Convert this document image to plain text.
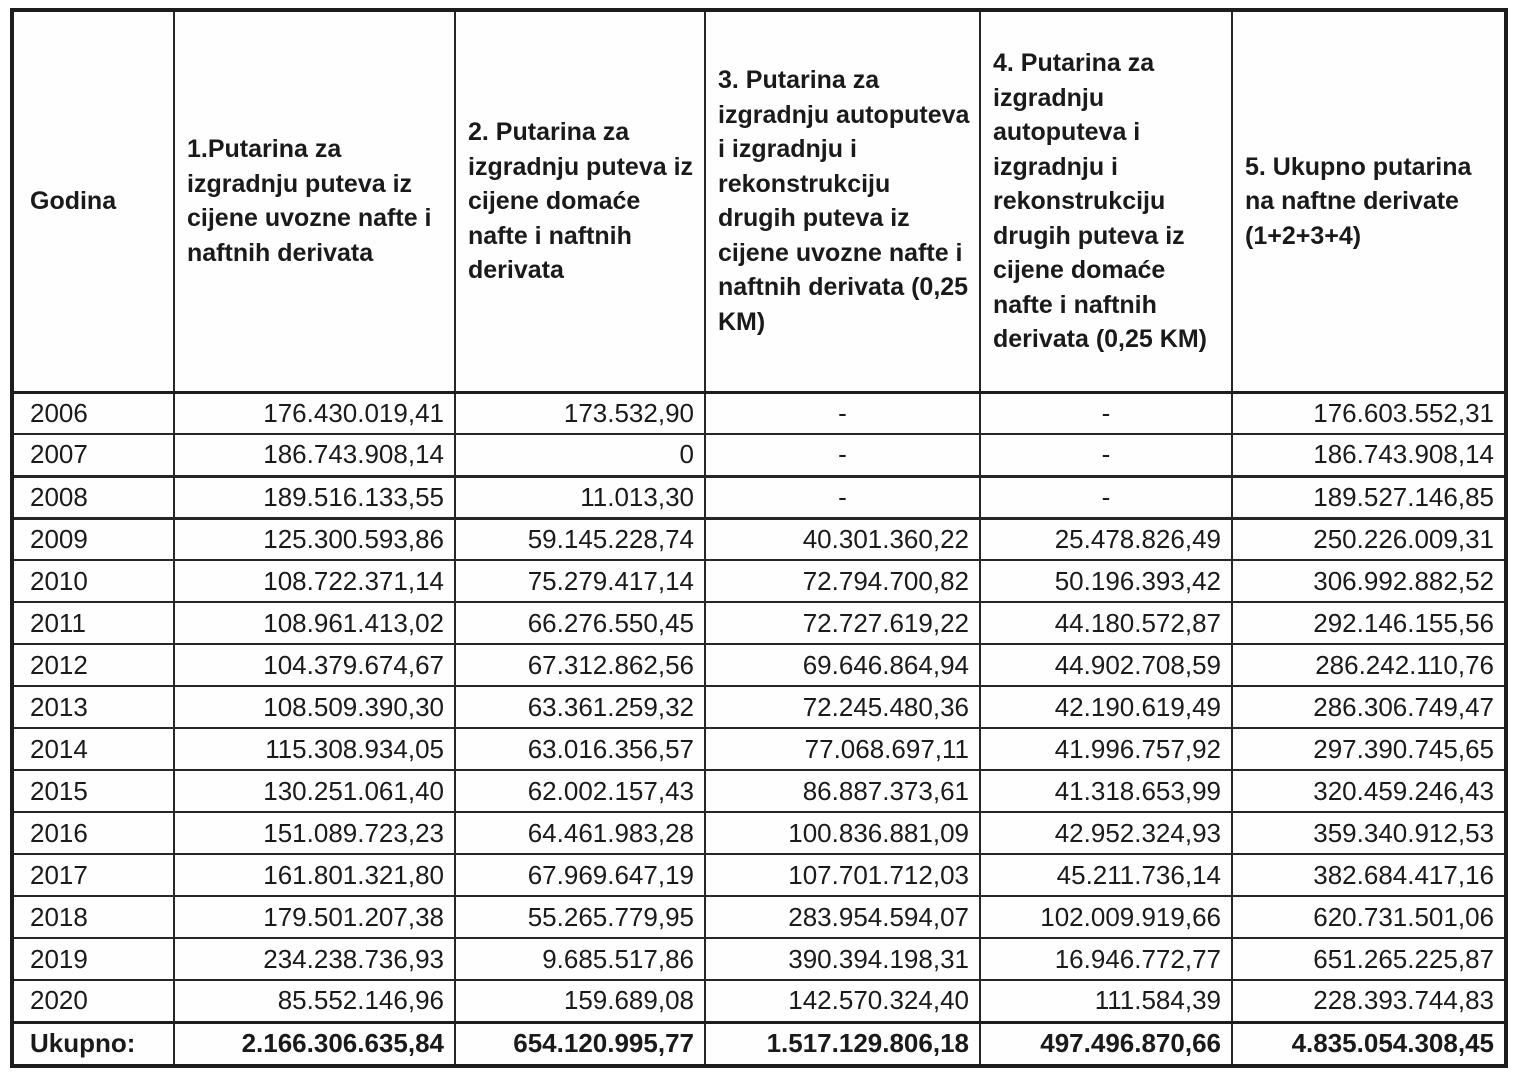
Godina	1.Putarina za izgradnju puteva iz cijene uvozne nafte i naftnih derivata	2. Putarina za izgradnju puteva iz cijene domaće nafte i naftnih derivata	3. Putarina za izgradnju autoputeva i izgradnju i rekonstrukciju drugih puteva iz cijene uvozne nafte i naftnih derivata (0,25 KM)	4. Putarina za izgradnju autoputeva i izgradnju i rekonstrukciju drugih puteva iz cijene domaće nafte i naftnih derivata (0,25 KM)	5. Ukupno putarina na naftne derivate (1+2+3+4)
2006	176.430.019,41	173.532,90	-	-	176.603.552,31
2007	186.743.908,14	0	-	-	186.743.908,14
2008	189.516.133,55	11.013,30	-	-	189.527.146,85
2009	125.300.593,86	59.145.228,74	40.301.360,22	25.478.826,49	250.226.009,31
2010	108.722.371,14	75.279.417,14	72.794.700,82	50.196.393,42	306.992.882,52
2011	108.961.413,02	66.276.550,45	72.727.619,22	44.180.572,87	292.146.155,56
2012	104.379.674,67	67.312.862,56	69.646.864,94	44.902.708,59	286.242.110,76
2013	108.509.390,30	63.361.259,32	72.245.480,36	42.190.619,49	286.306.749,47
2014	115.308.934,05	63.016.356,57	77.068.697,11	41.996.757,92	297.390.745,65
2015	130.251.061,40	62.002.157,43	86.887.373,61	41.318.653,99	320.459.246,43
2016	151.089.723,23	64.461.983,28	100.836.881,09	42.952.324,93	359.340.912,53
2017	161.801.321,80	67.969.647,19	107.701.712,03	45.211.736,14	382.684.417,16
2018	179.501.207,38	55.265.779,95	283.954.594,07	102.009.919,66	620.731.501,06
2019	234.238.736,93	9.685.517,86	390.394.198,31	16.946.772,77	651.265.225,87
2020	85.552.146,96	159.689,08	142.570.324,40	111.584,39	228.393.744,83
Ukupno:	2.166.306.635,84	654.120.995,77	1.517.129.806,18	497.496.870,66	4.835.054.308,45
